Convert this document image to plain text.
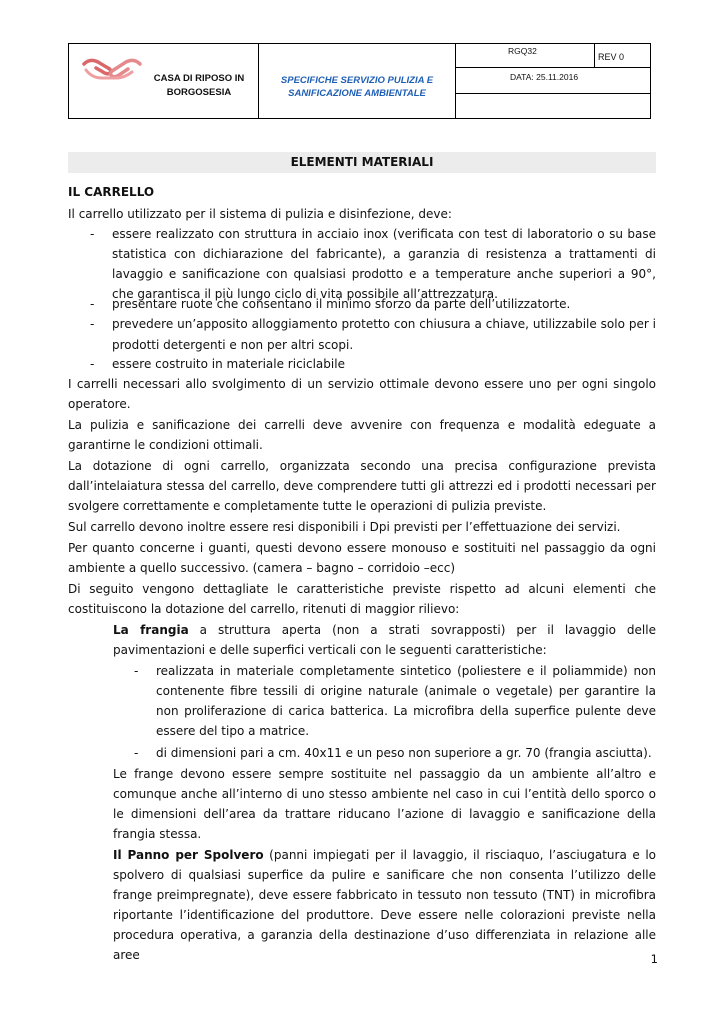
CASA DI RIPOSO IN BORGOSESIA
SPECIFICHE SERVIZIO PULIZIA E SANIFICAZIONE AMBIENTALE
RGQ32
REV 0
DATA: 25.11.2016
ELEMENTI MATERIALI

IL CARRELLO

Il carrello utilizzato per il sistema di pulizia e disinfezione, deve:

- essere realizzato con struttura in acciaio inox (verificata con test di laboratorio o su base statistica con dichiarazione del fabricante), a garanzia di resistenza a trattamenti di lavaggio e sanificazione con qualsiasi prodotto e a temperature anche superiori a 90°, che garantisca il più lungo ciclo di vita possibile all’attrezzatura.

- presentare ruote che consentano il minimo sforzo da parte dell’utilizzatorte.

- prevedere un’apposito alloggiamento protetto con chiusura a chiave, utilizzabile solo per i prodotti detergenti e non per altri scopi.

- essere costruito in materiale riciclabile

I carrelli necessari allo svolgimento di un servizio ottimale devono essere uno per ogni singolo operatore.

La pulizia e sanificazione dei carrelli deve avvenire con frequenza e modalità edeguate a garantirne le condizioni ottimali.

La dotazione di ogni carrello, organizzata secondo una precisa configurazione prevista dall’intelaiatura stessa del carrello, deve comprendere tutti gli attrezzi ed i prodotti necessari per svolgere correttamente e completamente tutte le operazioni di pulizia previste.

Sul carrello devono inoltre essere resi disponibili i Dpi previsti per l’effettuazione dei servizi.

Per quanto concerne i guanti, questi devono essere monouso e sostituiti nel passaggio da ogni ambiente a quello successivo. (camera – bagno – corridoio –ecc)

Di seguito vengono dettagliate le caratteristiche previste rispetto ad alcuni elementi che costituiscono la dotazione del carrello, ritenuti di maggior rilievo:

La frangia a struttura aperta (non a strati sovrapposti) per il lavaggio delle pavimentazioni e delle superfici verticali con le seguenti caratteristiche:

- realizzata in materiale completamente sintetico (poliestere e il poliammide) non contenente fibre tessili di origine naturale (animale o vegetale) per garantire la non proliferazione di carica batterica. La microfibra della superfice pulente deve essere del tipo a matrice.

- di dimensioni pari a cm. 40x11 e un peso non superiore a gr. 70 (frangia asciutta).

Le frange devono essere sempre sostituite nel passaggio da un ambiente all’altro e comunque anche all’interno di uno stesso ambiente nel caso in cui l’entità dello sporco o le dimensioni dell’area da trattare riducano l’azione di lavaggio e sanificazione della frangia stessa.

Il Panno per Spolvero (panni impiegati per il lavaggio, il risciaquo, l’asciugatura e lo spolvero di qualsiasi superfice da pulire e sanificare che non consenta l’utilizzo delle frange preimpregnate), deve essere fabbricato in tessuto non tessuto (TNT) in microfibra riportante l’identificazione del produttore. Deve essere nelle colorazioni previste nella procedura operativa, a garanzia della destinazione d’uso differenziata in relazione alle aree	1
